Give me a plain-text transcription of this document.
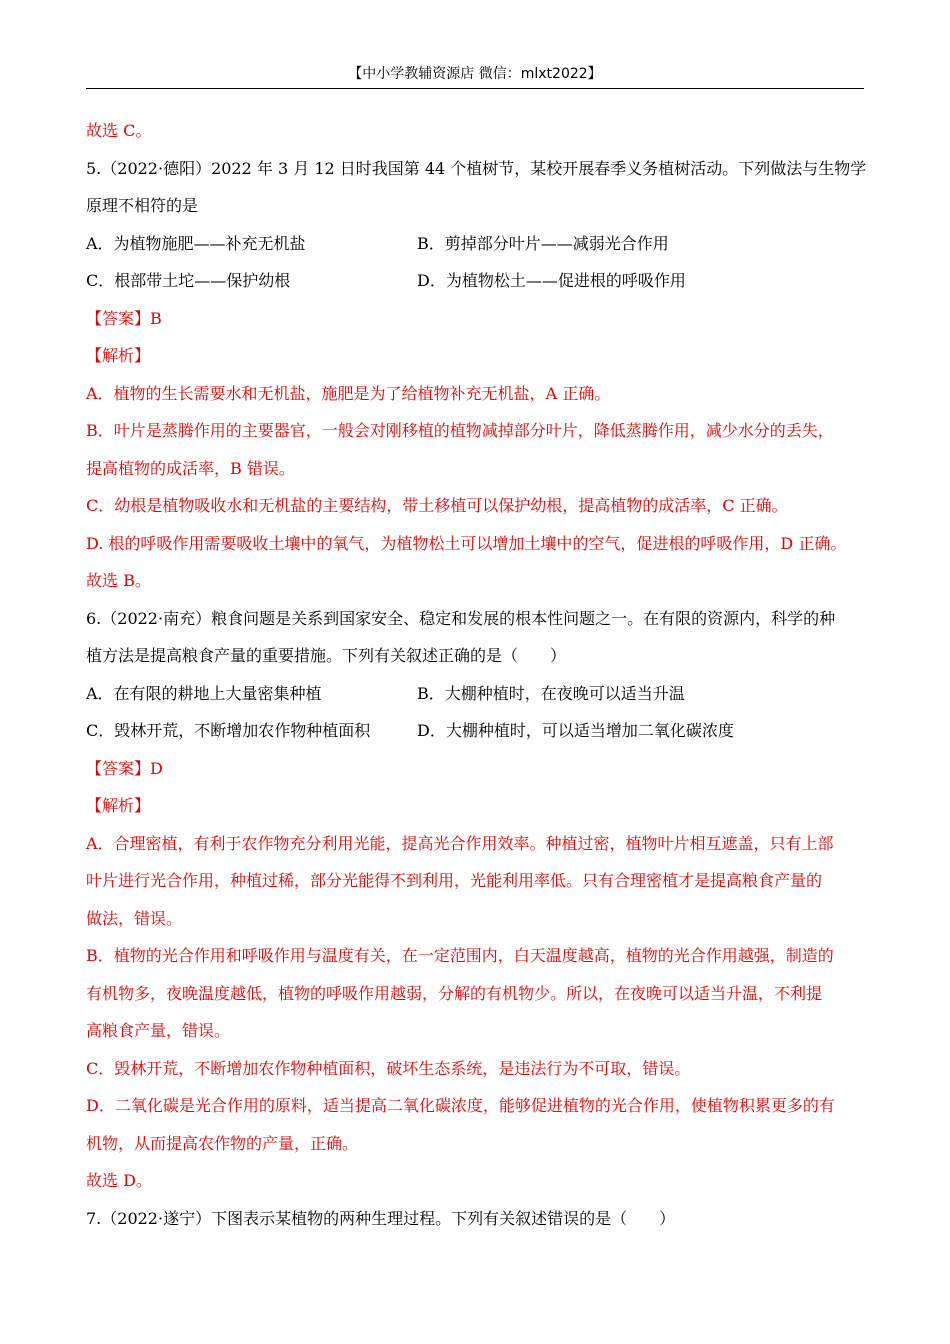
【中小学教辅资源店 微信：mlxt2022】
故选 C。
5.（2022·德阳）2022 年 3 月 12 日时我国第 44 个植树节，某校开展春季义务植树活动。下列做法与生物学
原理不相符的是
A．为植物施肥——补充无机盐	B．剪掉部分叶片——减弱光合作用
C．根部带土坨——保护幼根	D．为植物松土——促进根的呼吸作用
【答案】B
【解析】
A．植物的生长需要水和无机盐，施肥是为了给植物补充无机盐，A 正确。
B．叶片是蒸腾作用的主要器官，一般会对刚移植的植物减掉部分叶片，降低蒸腾作用，减少水分的丢失，
提高植物的成活率，B 错误。
C．幼根是植物吸收水和无机盐的主要结构，带土移植可以保护幼根，提高植物的成活率，C 正确。
D. 根的呼吸作用需要吸收土壤中的氧气，为植物松土可以增加土壤中的空气，促进根的呼吸作用，D 正确。
故选 B。
6.（2022·南充）粮食问题是关系到国家安全、稳定和发展的根本性问题之一。在有限的资源内，科学的种
植方法是提高粮食产量的重要措施。下列有关叙述正确的是（　　）
A．在有限的耕地上大量密集种植	B．大棚种植时，在夜晚可以适当升温
C．毁林开荒，不断增加农作物种植面积	D．大棚种植时，可以适当增加二氧化碳浓度
【答案】D
【解析】
A．合理密植，有利于农作物充分利用光能，提高光合作用效率。种植过密，植物叶片相互遮盖，只有上部
叶片进行光合作用，种植过稀，部分光能得不到利用，光能利用率低。只有合理密植才是提高粮食产量的
做法，错误。
B．植物的光合作用和呼吸作用与温度有关，在一定范围内，白天温度越高，植物的光合作用越强，制造的
有机物多，夜晚温度越低，植物的呼吸作用越弱，分解的有机物少。所以，在夜晚可以适当升温，不利提
高粮食产量，错误。
C．毁林开荒，不断增加农作物种植面积，破坏生态系统，是违法行为不可取，错误。
D．二氧化碳是光合作用的原料，适当提高二氧化碳浓度，能够促进植物的光合作用，使植物积累更多的有
机物，从而提高农作物的产量，正确。
故选 D。
7.（2022·遂宁）下图表示某植物的两种生理过程。下列有关叙述错误的是（　　）
